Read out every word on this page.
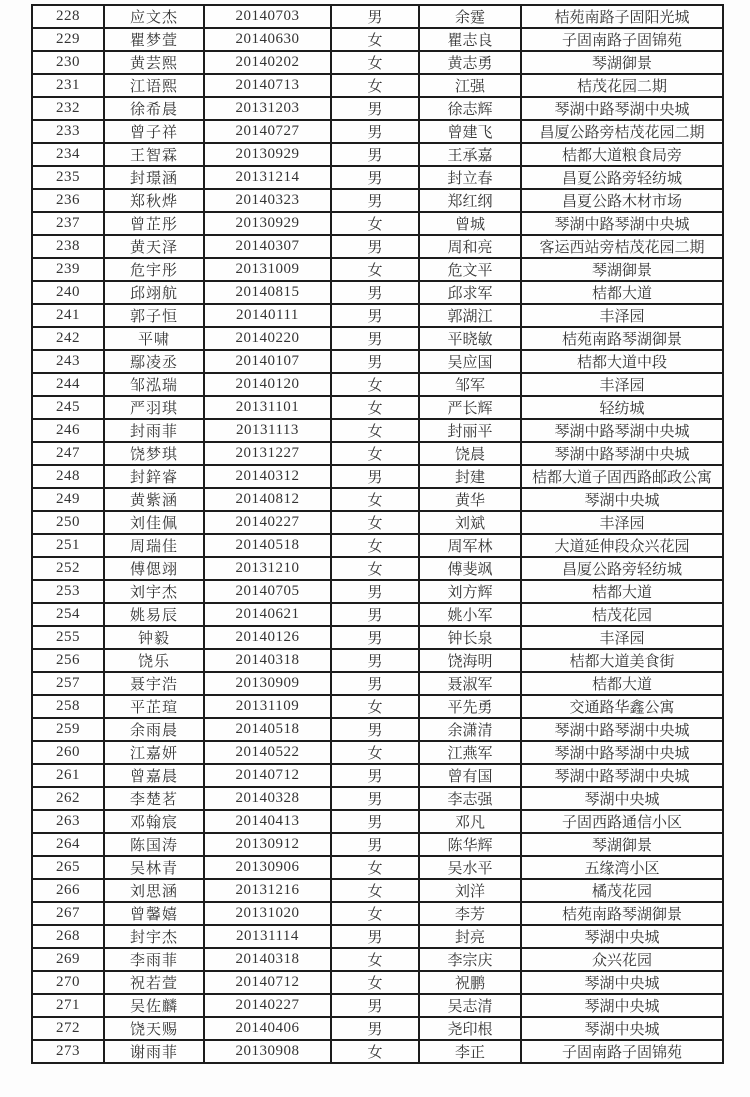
228	应文杰	20140703	男	余霆	桔苑南路子固阳光城
229	瞿梦萱	20140630	女	瞿志良	子固南路子固锦苑
230	黄芸熙	20140202	女	黄志勇	琴湖御景
231	江语熙	20140713	女	江强	桔茂花园二期
232	徐希晨	20131203	男	徐志辉	琴湖中路琴湖中央城
233	曾子祥	20140727	男	曾建飞	昌厦公路旁桔茂花园二期
234	王智霖	20130929	男	王承嘉	桔都大道粮食局旁
235	封璟涵	20131214	男	封立春	昌夏公路旁轻纺城
236	郑秋烨	20140323	男	郑红纲	昌夏公路木材市场
237	曾芷彤	20130929	女	曾城	琴湖中路琴湖中央城
238	黄天泽	20140307	男	周和亮	客运西站旁桔茂花园二期
239	危宇彤	20131009	女	危文平	琴湖御景
240	邱翊航	20140815	男	邱求军	桔都大道
241	郭子恒	20140111	男	郭湖江	丰泽园
242	平啸	20140220	男	平晓敏	桔苑南路琴湖御景
243	鄢凌丞	20140107	男	吴应国	桔都大道中段
244	邹泓瑞	20140120	女	邹军	丰泽园
245	严羽琪	20131101	女	严长辉	轻纺城
246	封雨菲	20131113	女	封丽平	琴湖中路琴湖中央城
247	饶梦琪	20131227	女	饶晨	琴湖中路琴湖中央城
248	封鋅睿	20140312	男	封建	桔都大道子固西路邮政公寓
249	黄紫涵	20140812	女	黄华	琴湖中央城
250	刘佳佩	20140227	女	刘斌	丰泽园
251	周瑞佳	20140518	女	周军林	大道延伸段众兴花园
252	傅偲翊	20131210	女	傅斐飒	昌厦公路旁轻纺城
253	刘宇杰	20140705	男	刘方辉	桔都大道
254	姚易辰	20140621	男	姚小军	桔茂花园
255	钟毅	20140126	男	钟长泉	丰泽园
256	饶乐	20140318	男	饶海明	桔都大道美食街
257	聂宇浩	20130909	男	聂淑军	桔都大道
258	平芷瑄	20131109	女	平先勇	交通路华鑫公寓
259	余雨晨	20140518	男	余潇清	琴湖中路琴湖中央城
260	江嘉妍	20140522	女	江燕军	琴湖中路琴湖中央城
261	曾嘉晨	20140712	男	曾有国	琴湖中路琴湖中央城
262	李楚茗	20140328	男	李志强	琴湖中央城
263	邓翰宸	20140413	男	邓凡	子固西路通信小区
264	陈国涛	20130912	男	陈华辉	琴湖御景
265	吴林青	20130906	女	吴水平	五缘湾小区
266	刘思涵	20131216	女	刘洋	橘茂花园
267	曾馨嬉	20131020	女	李芳	桔苑南路琴湖御景
268	封宇杰	20131114	男	封亮	琴湖中央城
269	李雨菲	20140318	女	李宗庆	众兴花园
270	祝若萱	20140712	女	祝鹏	琴湖中央城
271	吴佐麟	20140227	男	吴志清	琴湖中央城
272	饶天赐	20140406	男	尧印根	琴湖中央城
273	谢雨菲	20130908	女	李正	子固南路子固锦苑
